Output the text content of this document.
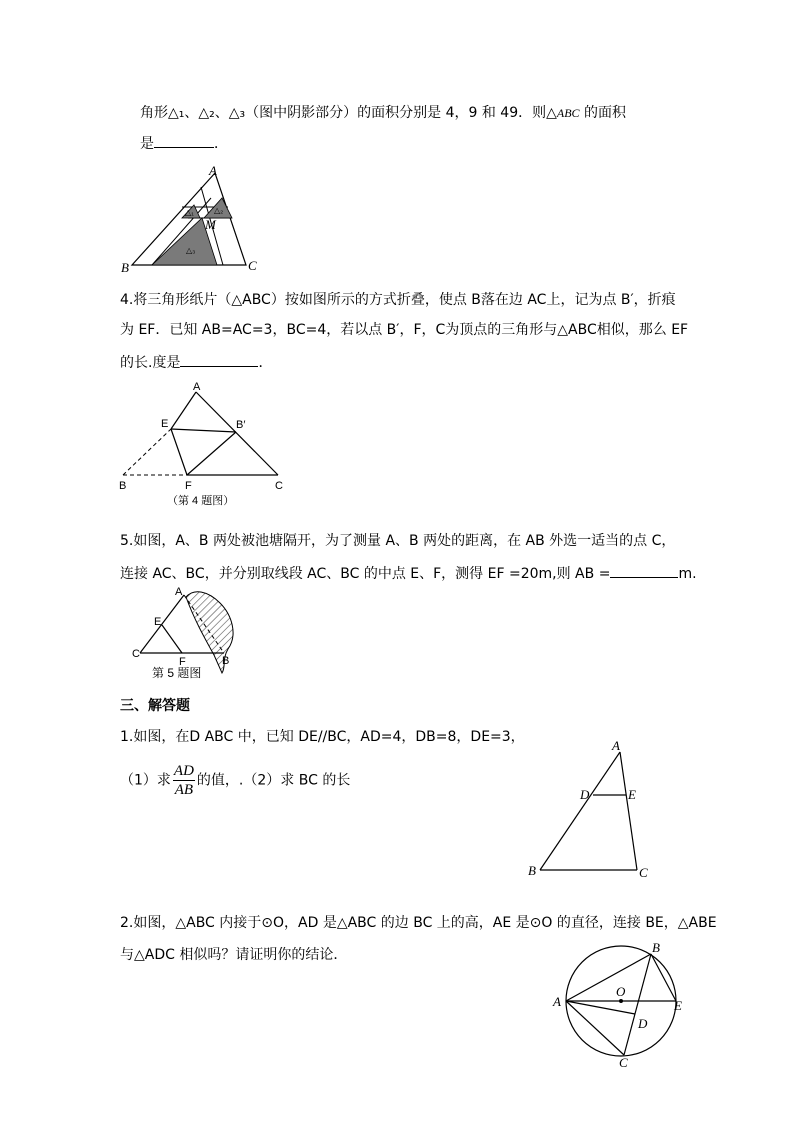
角形△₁、△₂、△₃（图中阴影部分）的面积分别是 4，9 和 49．则△ABC 的面积
是	．
A
B	C
M
△₁	△₂
△₃
4.将三角形纸片（△ABC）按如图所示的方式折叠，使点 B落在边 AC上，记为点 B′，折痕
为 EF．已知 AB=AC=3，BC=4，若以点 B′，F，C为顶点的三角形与△ABC相似，那么 EF
的长.度是	．
A
E	B′
B	F	C
（第 4 题图）
5.如图，A、B 两处被池塘隔开，为了测量 A、B 两处的距离，在 AB 外选一适当的点 C，
连接 AC、BC，并分别取线段 AC、BC 的中点 E、F，测得 EF =20m,则 AB =	m.
A
E
C
F	B
第 5 题图
三、解答题
1.如图，在D ABC 中，已知 DE//BC，AD=4，DB=8，DE=3，
（1）求 $\frac{AD}{AB}$ 的值，.（2）求 BC 的长
A
D	E
B	C
2.如图，△ABC 内接于⊙O，AD 是△ABC 的边 BC 上的高，AE 是⊙O 的直径，连接 BE，△ABE
与△ADC 相似吗？请证明你的结论．
A
B
O
E
D
C
